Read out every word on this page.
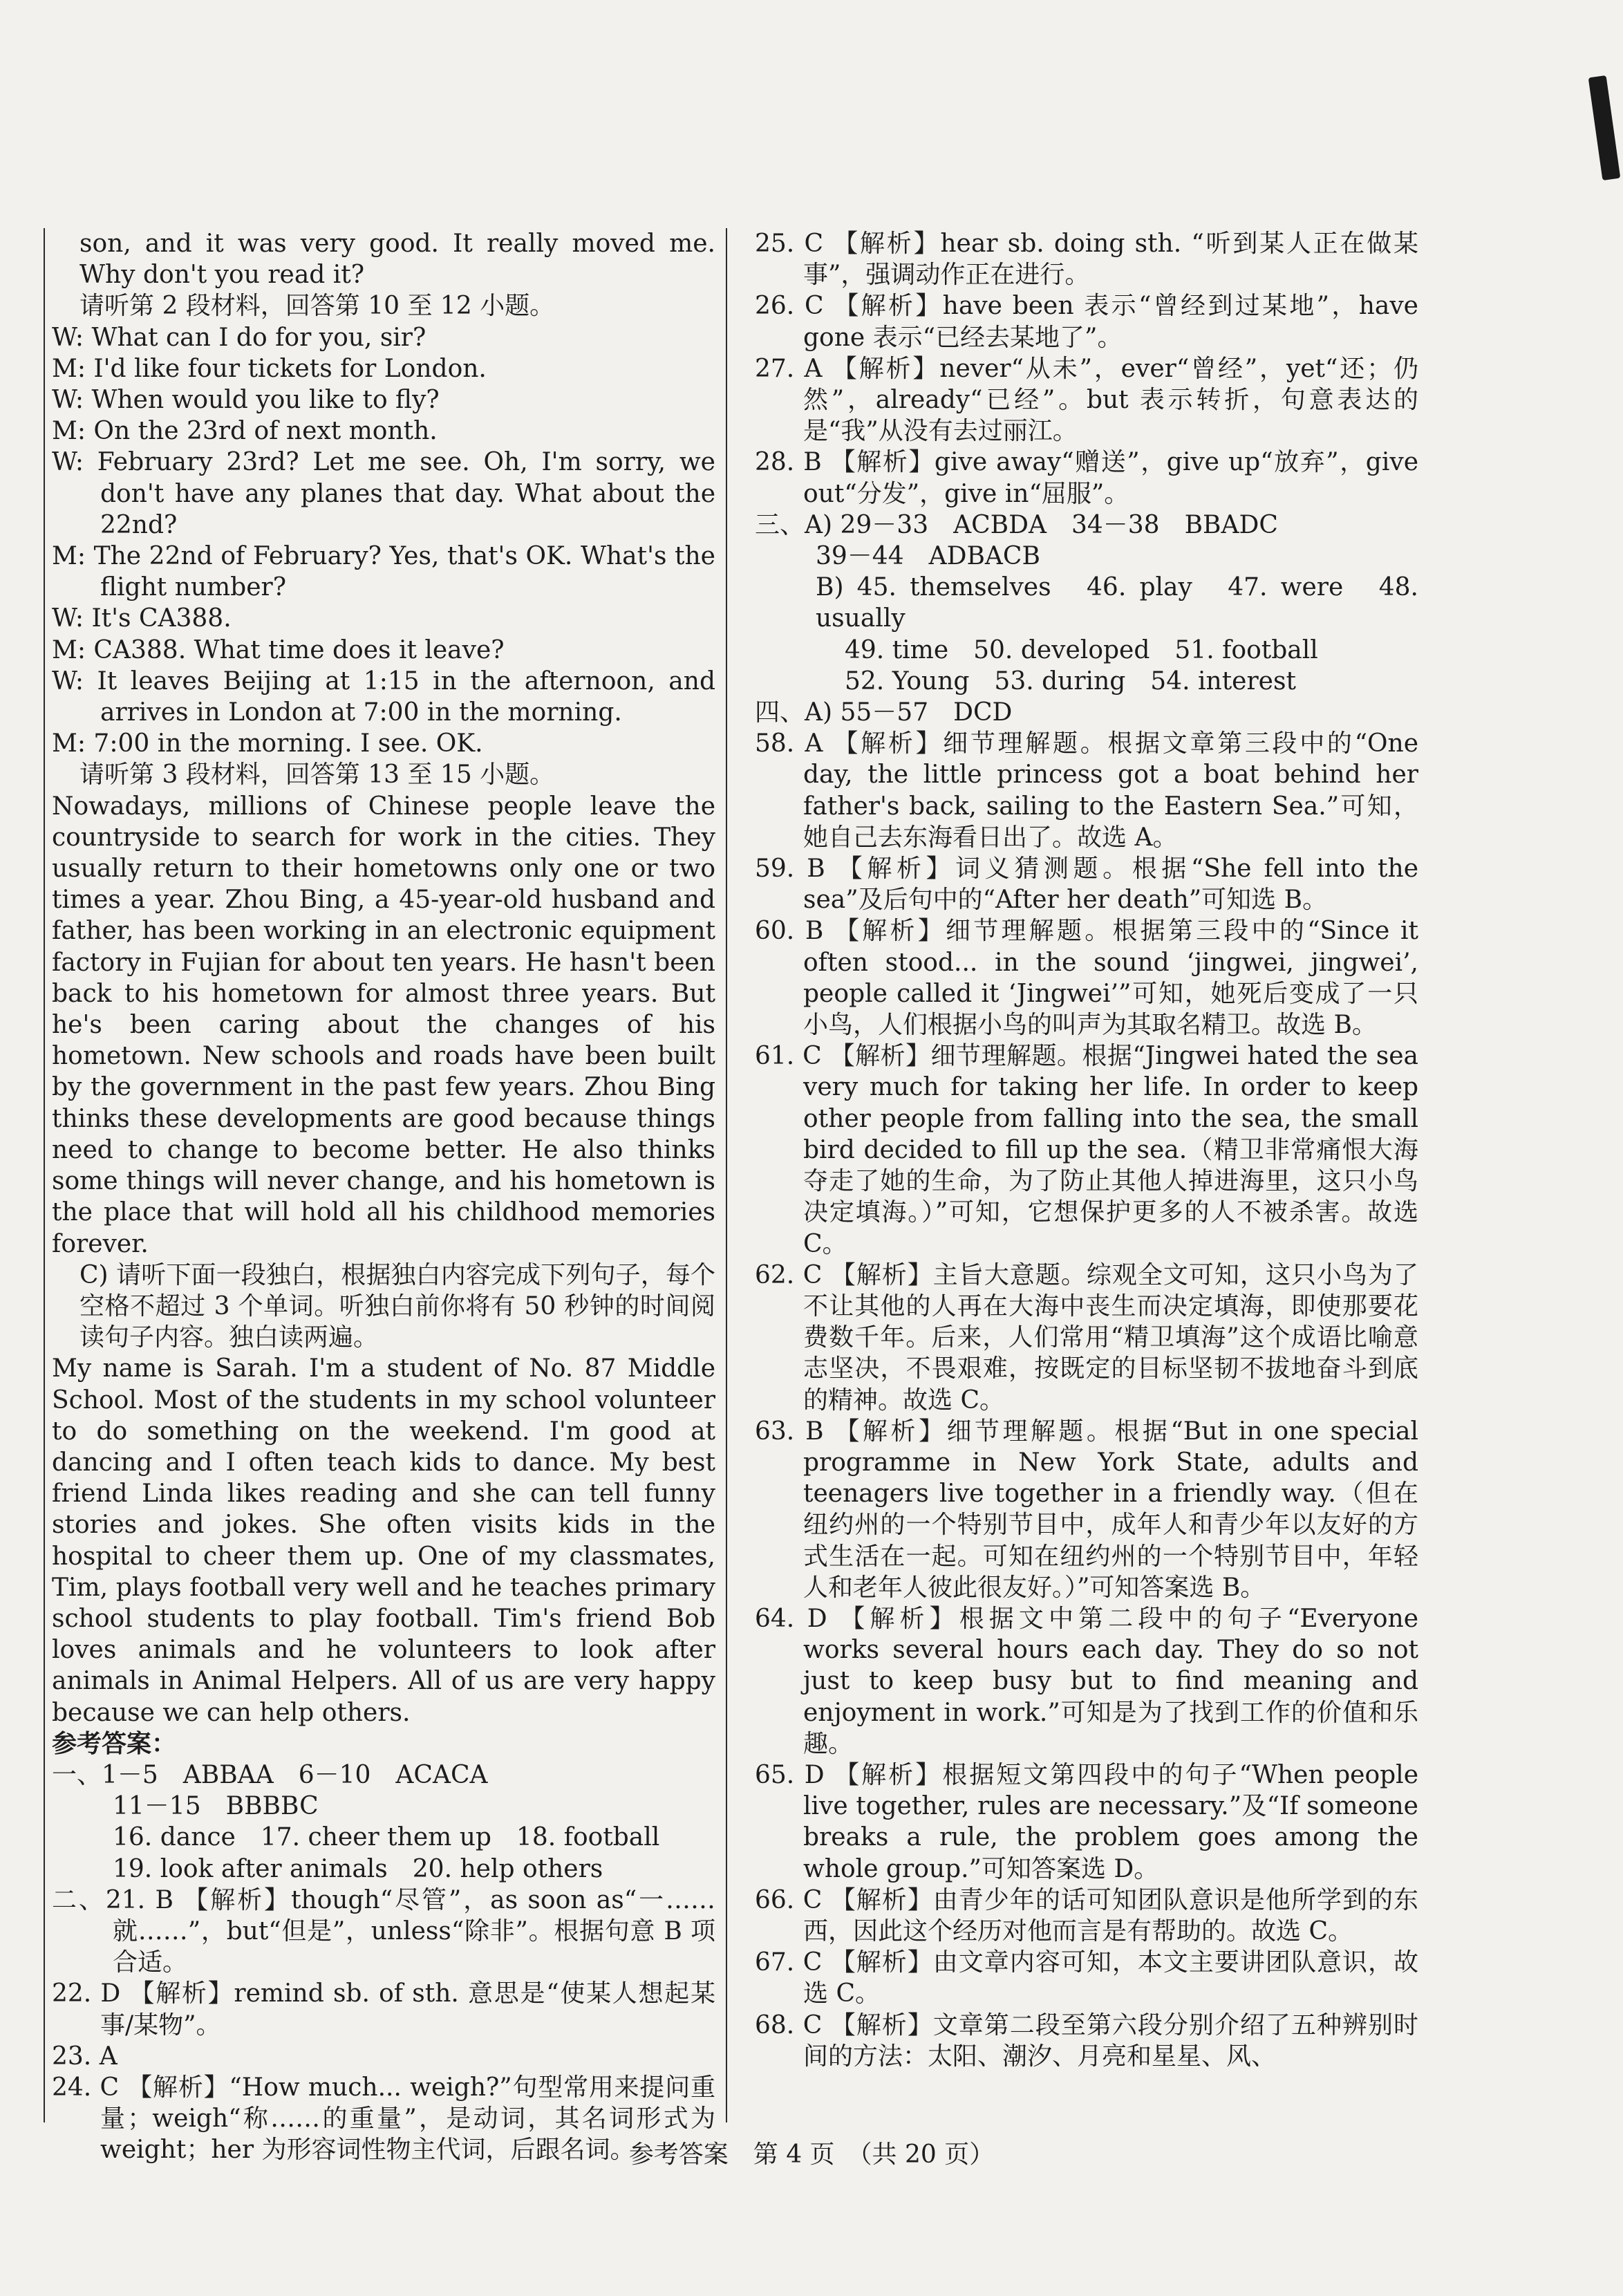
son, and it was very good. It really moved me. Why don't you read it?

请听第 2 段材料，回答第 10 至 12 小题。

W: What can I do for you, sir?

M: I'd like four tickets for London.

W: When would you like to fly?

M: On the 23rd of next month.

W: February 23rd? Let me see. Oh, I'm sorry, we don't have any planes that day. What about the 22nd?

M: The 22nd of February? Yes, that's OK. What's the flight number?

W: It's CA388.

M: CA388. What time does it leave?

W: It leaves Beijing at 1:15 in the afternoon, and arrives in London at 7:00 in the morning.

M: 7:00 in the morning. I see. OK.

请听第 3 段材料，回答第 13 至 15 小题。

Nowadays, millions of Chinese people leave the countryside to search for work in the cities. They usually return to their hometowns only one or two times a year. Zhou Bing, a 45-year-old husband and father, has been working in an electronic equipment factory in Fujian for about ten years. He hasn't been back to his hometown for almost three years. But he's been caring about the changes of his hometown. New schools and roads have been built by the government in the past few years. Zhou Bing thinks these developments are good because things need to change to become better. He also thinks some things will never change, and his hometown is the place that will hold all his childhood memories forever.

C) 请听下面一段独白，根据独白内容完成下列句子，每个空格不超过 3 个单词。听独白前你将有 50 秒钟的时间阅读句子内容。独白读两遍。

My name is Sarah. I'm a student of No. 87 Middle School. Most of the students in my school volunteer to do something on the weekend. I'm good at dancing and I often teach kids to dance. My best friend Linda likes reading and she can tell funny stories and jokes. She often visits kids in the hospital to cheer them up. One of my classmates, Tim, plays football very well and he teaches primary school students to play football. Tim's friend Bob loves animals and he volunteers to look after animals in Animal Helpers. All of us are very happy because we can help others.

参考答案：

一、1－5　ABBAA　6－10　ACACA

11－15　BBBBC

16. dance　17. cheer them up　18. football

19. look after animals　20. help others

二、21. B 【解析】though“尽管”，as soon as“一……就……”，but“但是”，unless“除非”。根据句意 B 项合适。

22. D 【解析】remind sb. of sth. 意思是“使某人想起某事/某物”。

23. A

24. C 【解析】“How much... weigh?”句型常用来提问重量；weigh“称……的重量”，是动词，其名词形式为 weight；her 为形容词性物主代词，后跟名词。

25. C 【解析】hear sb. doing sth. “听到某人正在做某事”，强调动作正在进行。

26. C 【解析】have been 表示“曾经到过某地”，have gone 表示“已经去某地了”。

27. A 【解析】never“从未”，ever“曾经”，yet“还；仍然”，already“已经”。but 表示转折，句意表达的是“我”从没有去过丽江。

28. B 【解析】give away“赠送”，give up“放弃”，give out“分发”，give in“屈服”。

三、A) 29－33　ACBDA　34－38　BBADC

39－44　ADBACB

B) 45. themselves　46. play　47. were　48. usually

49. time　50. developed　51. football

52. Young　53. during　54. interest

四、A) 55－57　DCD

58. A 【解析】细节理解题。根据文章第三段中的“One day, the little princess got a boat behind her father's back, sailing to the Eastern Sea.”可知，她自己去东海看日出了。故选 A。

59. B 【解析】词义猜测题。根据“She fell into the sea”及后句中的“After her death”可知选 B。

60. B 【解析】细节理解题。根据第三段中的“Since it often stood... in the sound ‘jingwei, jingwei’, people called it ‘Jingwei’”可知，她死后变成了一只小鸟，人们根据小鸟的叫声为其取名精卫。故选 B。

61. C 【解析】细节理解题。根据“Jingwei hated the sea very much for taking her life. In order to keep other people from falling into the sea, the small bird decided to fill up the sea.（精卫非常痛恨大海夺走了她的生命，为了防止其他人掉进海里，这只小鸟决定填海。）”可知，它想保护更多的人不被杀害。故选 C。

62. C 【解析】主旨大意题。综观全文可知，这只小鸟为了不让其他的人再在大海中丧生而决定填海，即使那要花费数千年。后来，人们常用“精卫填海”这个成语比喻意志坚决，不畏艰难，按既定的目标坚韧不拔地奋斗到底的精神。故选 C。

63. B 【解析】细节理解题。根据“But in one special programme in New York State, adults and teenagers live together in a friendly way.（但在纽约州的一个特别节目中，成年人和青少年以友好的方式生活在一起。可知在纽约州的一个特别节目中，年轻人和老年人彼此很友好。）”可知答案选 B。

64. D 【解析】根据文中第二段中的句子“Everyone works several hours each day. They do so not just to keep busy but to find meaning and enjoyment in work.”可知是为了找到工作的价值和乐趣。

65. D 【解析】根据短文第四段中的句子“When people live together, rules are necessary.”及“If someone breaks a rule, the problem goes among the whole group.”可知答案选 D。

66. C 【解析】由青少年的话可知团队意识是他所学到的东西，因此这个经历对他而言是有帮助的。故选 C。

67. C 【解析】由文章内容可知，本文主要讲团队意识，故选 C。

68. C 【解析】文章第二段至第六段分别介绍了五种辨别时间的方法：太阳、潮汐、月亮和星星、风、

参考答案　第 4 页　（共 20 页）
